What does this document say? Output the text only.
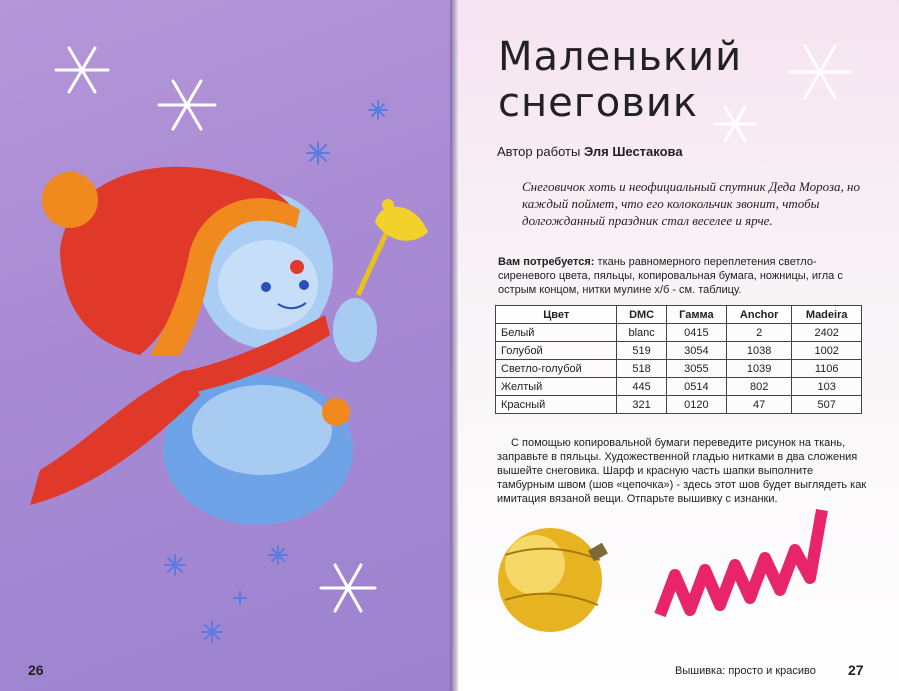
26
Маленький
снеговик
Автор работы Эля Шестакова
Снеговичок хоть и неофициальный спутник Деда Мороза, но каждый поймет, что его колокольчик звонит, чтобы долгожданный праздник стал веселее и ярче.
Вам потребуется: ткань равномерного переплетения светло-сиреневого цвета, пяльцы, копировальная бумага, ножницы, игла с острым концом, нитки мулине х/б - см. таблицу.
Цвет	DMC	Гамма	Anchor	Madeira
Белый	blanc	0415	2	2402
Голубой	519	3054	1038	1002
Светло-голубой	518	3055	1039	1106
Желтый	445	0514	802	103
Красный	321	0120	47	507
С помощью копировальной бумаги переведите рисунок на ткань, заправьте в пяльцы. Художественной гладью нитками в два сложения вышейте снеговика. Шарф и красную часть шапки выполните тамбурным швом (шов «цепочка») - здесь этот шов будет выглядеть как имитация вязаной вещи. Отпарьте вышивку с изнанки.
Вышивка: просто и красиво 27
